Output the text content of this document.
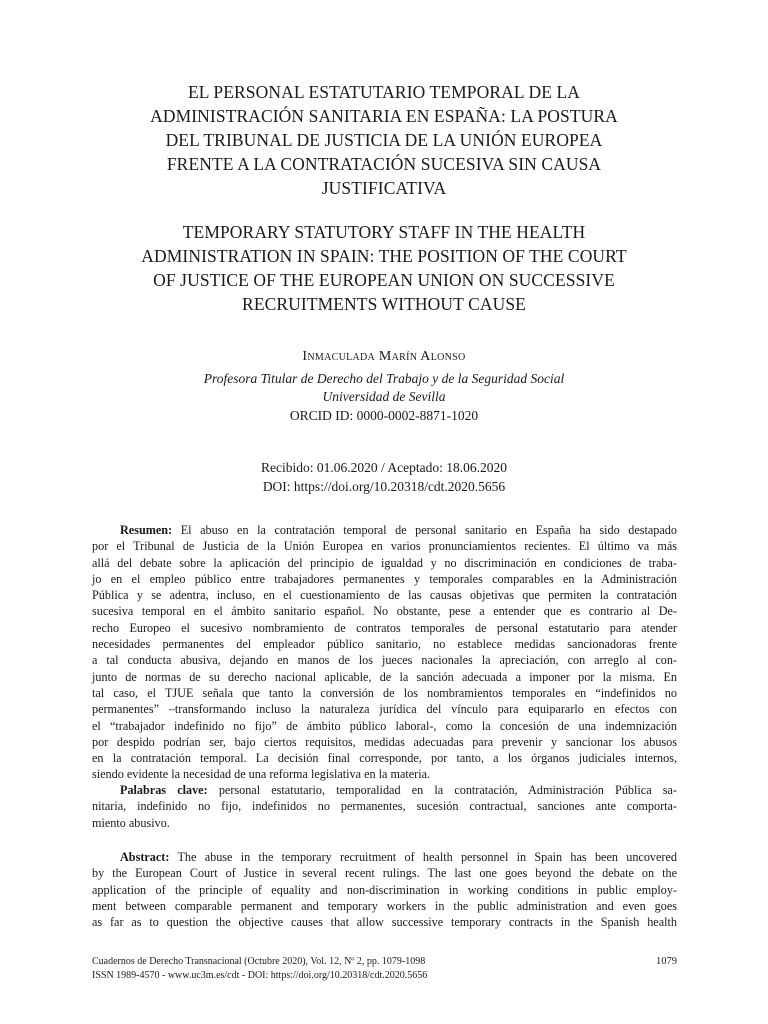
EL PERSONAL ESTATUTARIO TEMPORAL DE LA
ADMINISTRACIÓN SANITARIA EN ESPAÑA: LA POSTURA
DEL TRIBUNAL DE JUSTICIA DE LA UNIÓN EUROPEA
FRENTE A LA CONTRATACIÓN SUCESIVA SIN CAUSA
JUSTIFICATIVA
TEMPORARY STATUTORY STAFF IN THE HEALTH
ADMINISTRATION IN SPAIN: THE POSITION OF THE COURT
OF JUSTICE OF THE EUROPEAN UNION ON SUCCESSIVE
RECRUITMENTS WITHOUT CAUSE
Inmaculada Marín Alonso
Profesora Titular de Derecho del Trabajo y de la Seguridad Social
Universidad de Sevilla
ORCID ID: 0000-0002-8871-1020
Recibido: 01.06.2020 / Aceptado: 18.06.2020
DOI: https://doi.org/10.20318/cdt.2020.5656
Resumen: El abuso en la contratación temporal de personal sanitario en España ha sido destapado
por el Tribunal de Justicia de la Unión Europea en varios pronunciamientos recientes. El último va más
allá del debate sobre la aplicación del principio de igualdad y no discriminación en condiciones de traba-
jo en el empleo público entre trabajadores permanentes y temporales comparables en la Administración
Pública y se adentra, incluso, en el cuestionamiento de las causas objetivas que permiten la contratación
sucesiva temporal en el ámbito sanitario español. No obstante, pese a entender que es contrario al De-
recho Europeo el sucesivo nombramiento de contratos temporales de personal estatutario para atender
necesidades permanentes del empleador público sanitario, no establece medidas sancionadoras frente
a tal conducta abusiva, dejando en manos de los jueces nacionales la apreciación, con arreglo al con-
junto de normas de su derecho nacional aplicable, de la sanción adecuada a imponer por la misma. En
tal caso, el TJUE señala que tanto la conversión de los nombramientos temporales en “indefinidos no
permanentes” –transformando incluso la naturaleza jurídica del vínculo para equipararlo en efectos con
el “trabajador indefinido no fijo” de ámbito público laboral-, como la concesión de una indemnización
por despido podrían ser, bajo ciertos requisitos, medidas adecuadas para prevenir y sancionar los abusos
en la contratación temporal. La decisión final corresponde, por tanto, a los órganos judiciales internos,
siendo evidente la necesidad de una reforma legislativa en la materia.
Palabras clave: personal estatutario, temporalidad en la contratación, Administración Pública sa-
nitaria, indefinido no fijo, indefinidos no permanentes, sucesión contractual, sanciones ante comporta-
miento abusivo.
Abstract: The abuse in the temporary recruitment of health personnel in Spain has been uncovered
by the European Court of Justice in several recent rulings. The last one goes beyond the debate on the
application of the principle of equality and non-discrimination in working conditions in public employ-
ment between comparable permanent and temporary workers in the public administration and even goes
as far as to question the objective causes that allow successive temporary contracts in the Spanish health
Cuadernos de Derecho Transnacional (Octubre 2020), Vol. 12, Nº 2, pp. 1079-1098
ISSN 1989-4570 - www.uc3m.es/cdt - DOI: https://doi.org/10.20318/cdt.2020.5656
1079
